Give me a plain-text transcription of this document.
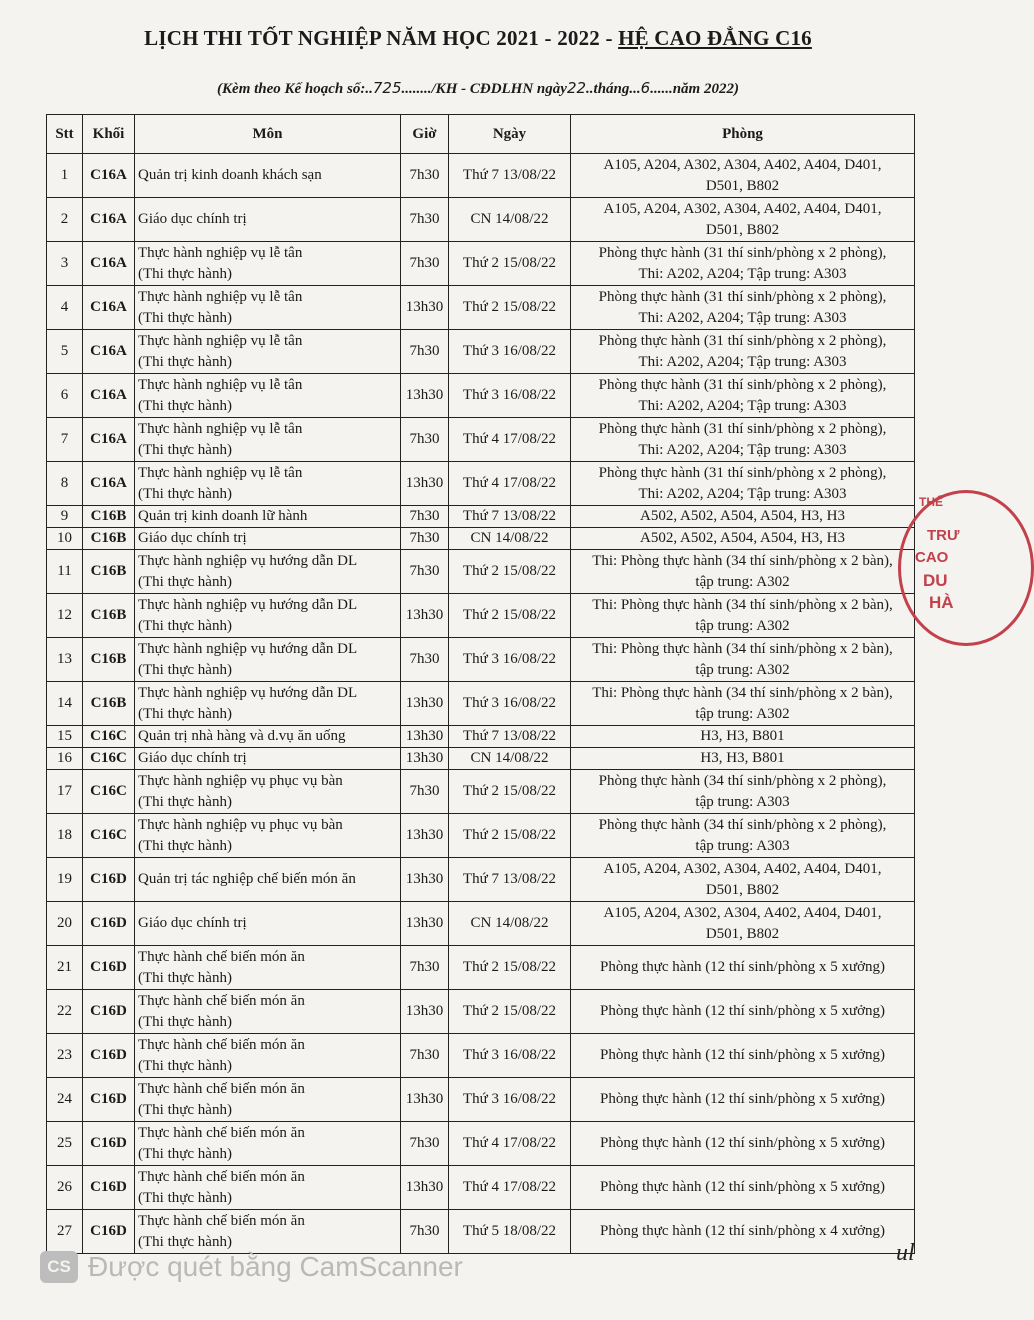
LỊCH THI TỐT NGHIỆP NĂM HỌC 2021 - 2022 - HỆ CAO ĐẲNG C16
(Kèm theo Kế hoạch số:..725......../KH - CĐDLHN ngày22..tháng...6......năm 2022)
Stt	Khối	Môn	Giờ	Ngày	Phòng
1	C16A	Quản trị kinh doanh khách sạn	7h30	Thứ 7 13/08/22	A105, A204, A302, A304, A402, A404, D401,
D501, B802

2	C16A	Giáo dục chính trị	7h30	CN 14/08/22	A105, A204, A302, A304, A402, A404, D401,
D501, B802

3	C16A	Thực hành nghiệp vụ lễ tân
(Thi thực hành)	7h30	Thứ 2 15/08/22	Phòng thực hành (31 thí sinh/phòng x 2 phòng),
Thi: A202, A204; Tập trung: A303

4	C16A	Thực hành nghiệp vụ lễ tân
(Thi thực hành)	13h30	Thứ 2 15/08/22	Phòng thực hành (31 thí sinh/phòng x 2 phòng),
Thi: A202, A204; Tập trung: A303

5	C16A	Thực hành nghiệp vụ lễ tân
(Thi thực hành)	7h30	Thứ 3 16/08/22	Phòng thực hành (31 thí sinh/phòng x 2 phòng),
Thi: A202, A204; Tập trung: A303

6	C16A	Thực hành nghiệp vụ lễ tân
(Thi thực hành)	13h30	Thứ 3 16/08/22	Phòng thực hành (31 thí sinh/phòng x 2 phòng),
Thi: A202, A204; Tập trung: A303

7	C16A	Thực hành nghiệp vụ lễ tân
(Thi thực hành)	7h30	Thứ 4 17/08/22	Phòng thực hành (31 thí sinh/phòng x 2 phòng),
Thi: A202, A204; Tập trung: A303

8	C16A	Thực hành nghiệp vụ lễ tân
(Thi thực hành)	13h30	Thứ 4 17/08/22	Phòng thực hành (31 thí sinh/phòng x 2 phòng),
Thi: A202, A204; Tập trung: A303

9	C16B	Quản trị kinh doanh lữ hành	7h30	Thứ 7 13/08/22	A502, A502, A504, A504, H3, H3

10	C16B	Giáo dục chính trị	7h30	CN 14/08/22	A502, A502, A504, A504, H3, H3

11	C16B	Thực hành nghiệp vụ hướng dẫn DL
(Thi thực hành)	7h30	Thứ 2 15/08/22	Thi: Phòng thực hành (34 thí sinh/phòng x 2 bàn),
tập trung: A302

12	C16B	Thực hành nghiệp vụ hướng dẫn DL
(Thi thực hành)	13h30	Thứ 2 15/08/22	Thi: Phòng thực hành (34 thí sinh/phòng x 2 bàn),
tập trung: A302

13	C16B	Thực hành nghiệp vụ hướng dẫn DL
(Thi thực hành)	7h30	Thứ 3 16/08/22	Thi: Phòng thực hành (34 thí sinh/phòng x 2 bàn),
tập trung: A302

14	C16B	Thực hành nghiệp vụ hướng dẫn DL
(Thi thực hành)	13h30	Thứ 3 16/08/22	Thi: Phòng thực hành (34 thí sinh/phòng x 2 bàn),
tập trung: A302

15	C16C	Quản trị nhà hàng và d.vụ ăn uống	13h30	Thứ 7 13/08/22	H3, H3, B801

16	C16C	Giáo dục chính trị	13h30	CN 14/08/22	H3, H3, B801

17	C16C	Thực hành nghiệp vụ phục vụ bàn
(Thi thực hành)	7h30	Thứ 2 15/08/22	Phòng thực hành (34 thí sinh/phòng x 2 phòng),
tập trung: A303

18	C16C	Thực hành nghiệp vụ phục vụ bàn
(Thi thực hành)	13h30	Thứ 2 15/08/22	Phòng thực hành (34 thí sinh/phòng x 2 phòng),
tập trung: A303

19	C16D	Quản trị tác nghiệp chế biến món ăn	13h30	Thứ 7 13/08/22	A105, A204, A302, A304, A402, A404, D401,
D501, B802

20	C16D	Giáo dục chính trị	13h30	CN 14/08/22	A105, A204, A302, A304, A402, A404, D401,
D501, B802

21	C16D	Thực hành chế biến món ăn
(Thi thực hành)	7h30	Thứ 2 15/08/22	Phòng thực hành (12 thí sinh/phòng x 5 xưởng)

22	C16D	Thực hành chế biến món ăn
(Thi thực hành)	13h30	Thứ 2 15/08/22	Phòng thực hành (12 thí sinh/phòng x 5 xưởng)

23	C16D	Thực hành chế biến món ăn
(Thi thực hành)	7h30	Thứ 3 16/08/22	Phòng thực hành (12 thí sinh/phòng x 5 xưởng)

24	C16D	Thực hành chế biến món ăn
(Thi thực hành)	13h30	Thứ 3 16/08/22	Phòng thực hành (12 thí sinh/phòng x 5 xưởng)

25	C16D	Thực hành chế biến món ăn
(Thi thực hành)	7h30	Thứ 4 17/08/22	Phòng thực hành (12 thí sinh/phòng x 5 xưởng)

26	C16D	Thực hành chế biến món ăn
(Thi thực hành)	13h30	Thứ 4 17/08/22	Phòng thực hành (12 thí sinh/phòng x 5 xưởng)

27	C16D	Thực hành chế biến món ăn
(Thi thực hành)	7h30	Thứ 5 18/08/22	Phòng thực hành (12 thí sinh/phòng x 4 xưởng)
THỂ
TRƯ
CAO
DU
HÀ
CS Được quét bằng CamScanner	ul
